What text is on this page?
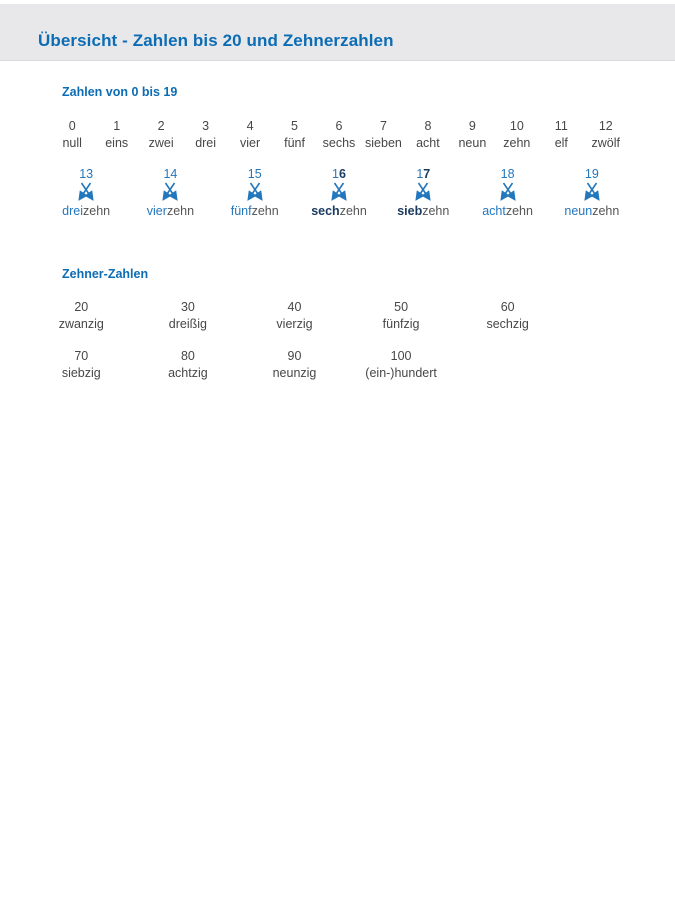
Übersicht - Zahlen bis 20 und Zehnerzahlen
Zahlen von 0 bis 19
0
null
1
eins
2
zwei
3
drei
4
vier
5
fünf
6
sechs
7
sieben
8
acht
9
neun
10
zehn
11
elf
12
zwölf
13
dreizehn
14
vierzehn
15
fünfzehn
16
sechzehn
17
siebzehn
18
achtzehn
19
neunzehn
Zehner-Zahlen
20
zwanzig
30
dreißig
40
vierzig
50
fünfzig
60
sechzig
70
siebzig
80
achtzig
90
neunzig
100
(ein-)hundert
